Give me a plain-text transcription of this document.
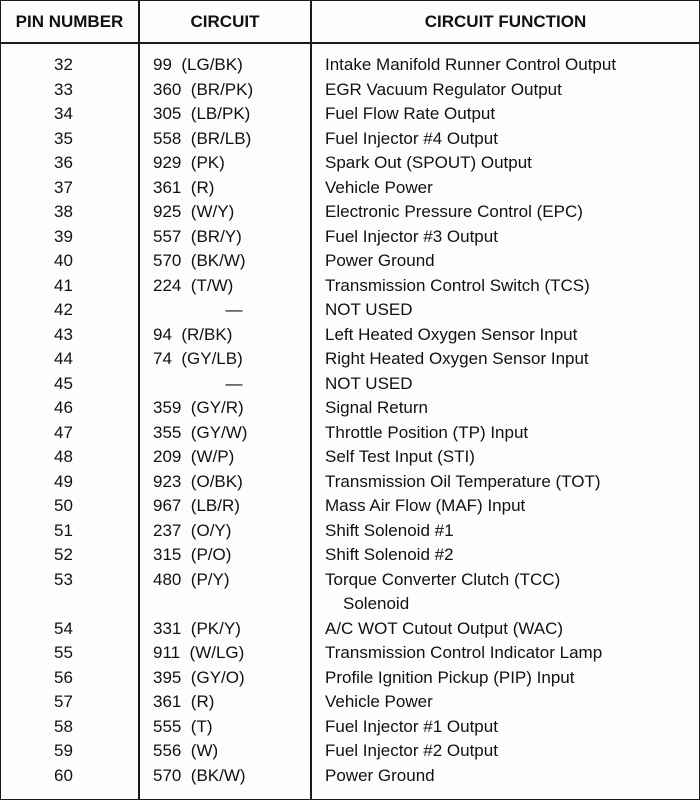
PIN NUMBER	CIRCUIT	CIRCUIT FUNCTION
32	99  (LG/BK)	Intake Manifold Runner Control Output
33	360  (BR/PK)	EGR Vacuum Regulator Output
34	305  (LB/PK)	Fuel Flow Rate Output
35	558  (BR/LB)	Fuel Injector #4 Output
36	929  (PK)	Spark Out (SPOUT) Output
37	361  (R)	Vehicle Power
38	925  (W/Y)	Electronic Pressure Control (EPC)
39	557  (BR/Y)	Fuel Injector #3 Output
40	570  (BK/W)	Power Ground
41	224  (T/W)	Transmission Control Switch (TCS)
42	—	NOT USED
43	94  (R/BK)	Left Heated Oxygen Sensor Input
44	74  (GY/LB)	Right Heated Oxygen Sensor Input
45	—	NOT USED
46	359  (GY/R)	Signal Return
47	355  (GY/W)	Throttle Position (TP) Input
48	209  (W/P)	Self Test Input (STI)
49	923  (O/BK)	Transmission Oil Temperature (TOT)
50	967  (LB/R)	Mass Air Flow (MAF) Input
51	237  (O/Y)	Shift Solenoid #1
52	315  (P/O)	Shift Solenoid #2
53	480  (P/Y)	Torque Converter Clutch (TCC)
Solenoid
54	331  (PK/Y)	A/C WOT Cutout Output (WAC)
55	911  (W/LG)	Transmission Control Indicator Lamp
56	395  (GY/O)	Profile Ignition Pickup (PIP) Input
57	361  (R)	Vehicle Power
58	555  (T)	Fuel Injector #1 Output
59	556  (W)	Fuel Injector #2 Output
60	570  (BK/W)	Power Ground
